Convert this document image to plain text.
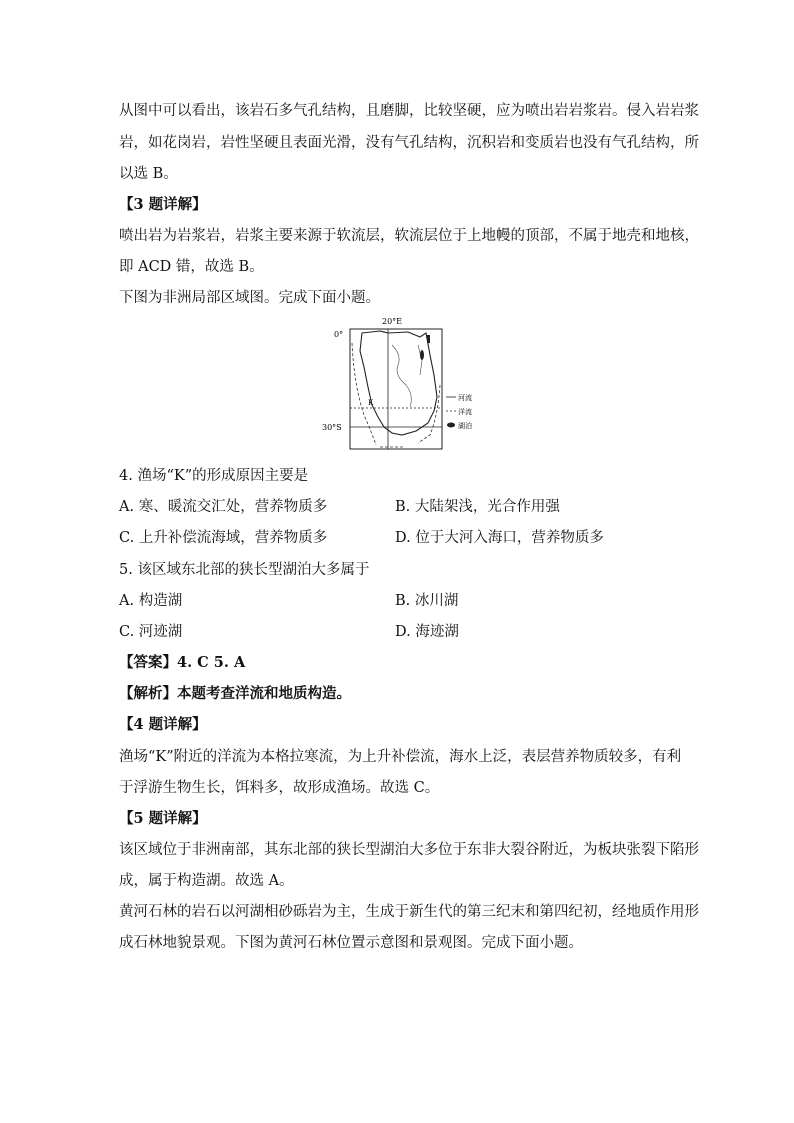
从图中可以看出，该岩石多气孔结构，且磨脚，比较坚硬，应为喷出岩岩浆岩。侵入岩岩浆
岩，如花岗岩，岩性坚硬且表面光滑，没有气孔结构，沉积岩和变质岩也没有气孔结构，所
以选 B。
【3 题详解】
喷出岩为岩浆岩，岩浆主要来源于软流层，软流层位于上地幔的顶部，不属于地壳和地核，
即 ACD 错，故选 B。
下图为非洲局部区域图。完成下面小题。
20°E
0°
30°S
K
河流
洋流
湖泊
4. 渔场“K”的形成原因主要是
A. 寒、暖流交汇处，营养物质多	B. 大陆架浅，光合作用强
C. 上升补偿流海域，营养物质多	D. 位于大河入海口，营养物质多
5. 该区域东北部的狭长型湖泊大多属于
A. 构造湖	B. 冰川湖
C. 河迹湖	D. 海迹湖
【答案】4. C 5. A
【解析】本题考查洋流和地质构造。
【4 题详解】
渔场“K”附近的洋流为本格拉寒流，为上升补偿流，海水上泛，表层营养物质较多，有利
于浮游生物生长，饵料多，故形成渔场。故选 C。
【5 题详解】
该区域位于非洲南部，其东北部的狭长型湖泊大多位于东非大裂谷附近，为板块张裂下陷形
成，属于构造湖。故选 A。
黄河石林的岩石以河湖相砂砾岩为主，生成于新生代的第三纪末和第四纪初，经地质作用形
成石林地貌景观。下图为黄河石林位置示意图和景观图。完成下面小题。
